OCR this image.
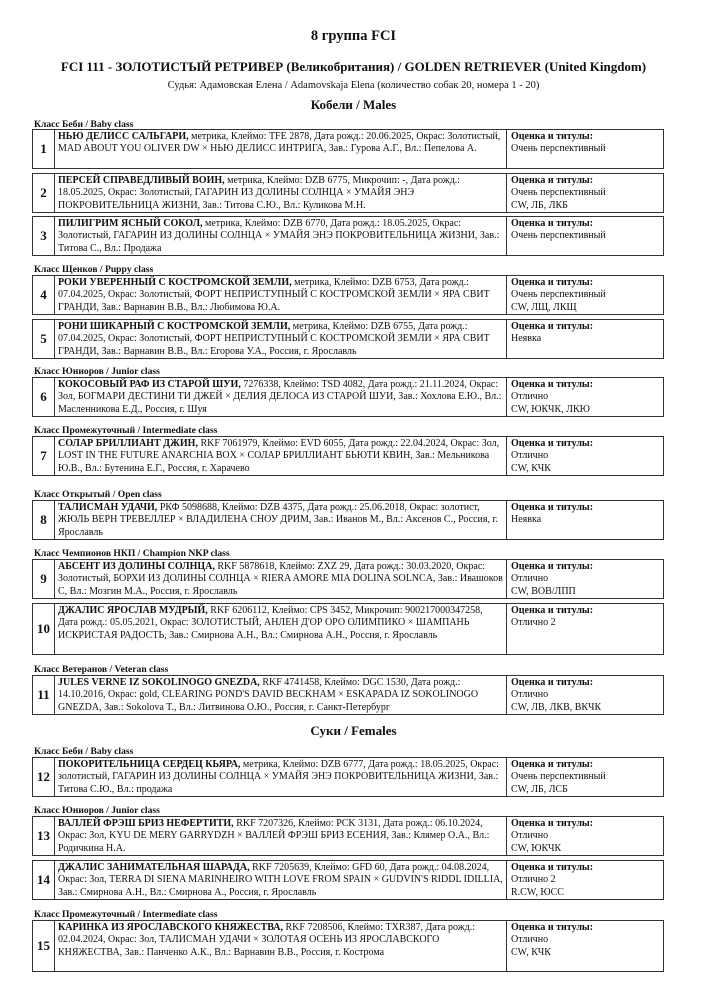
8 группа FCI
FCI 111 - ЗОЛОТИСТЫЙ РЕТРИВЕР (Великобритания) / GOLDEN RETRIEVER (United Kingdom)
Судья: Адамовская Елена / Adamovskaja Elena (количество собак 20, номера 1 - 20)
Кобели / Males
Класс Беби / Baby class
1
НЬЮ ДЕЛИСС САЛЬГАРИ, метрика, Клеймо: TFE 2878, Дата рожд.: 20.06.2025, Окрас: Золотистый, MAD ABOUT YOU OLIVER DW × НЬЮ ДЕЛИСС ИНТРИГА, Зав.: Гурова А.Г., Вл.: Пепелова А.
Оценка и титулы:
Очень перспективный
2
ПЕРСЕЙ СПРАВЕДЛИВЫЙ ВОИН, метрика, Клеймо: DZB 6775, Микрочип: -, Дата рожд.: 18.05.2025, Окрас: Золотистый, ГАГАРИН ИЗ ДОЛИНЫ СОЛНЦА × УМАЙЯ ЭНЭ ПОКРОВИТЕЛЬНИЦА ЖИЗНИ, Зав.: Титова С.Ю., Вл.: Куликова М.Н.
Оценка и титулы:
Очень перспективный
CW, ЛБ, ЛКБ
3
ПИЛИГРИМ ЯСНЫЙ СОКОЛ, метрика, Клеймо: DZB 6770, Дата рожд.: 18.05.2025, Окрас: Золотистый, ГАГАРИН ИЗ ДОЛИНЫ СОЛНЦА × УМАЙЯ ЭНЭ ПОКРОВИТЕЛЬНИЦА ЖИЗНИ, Зав.: Титова С., Вл.: Продажа
Оценка и титулы:
Очень перспективный
Класс Щенков / Puppy class
4
РОКИ УВЕРЕННЫЙ С КОСТРОМСКОЙ ЗЕМЛИ, метрика, Клеймо: DZB 6753, Дата рожд.: 07.04.2025, Окрас: Золотистый, ФОРТ НЕПРИСТУПНЫЙ С КОСТРОМСКОЙ ЗЕМЛИ × ЯРА СВИТ ГРАНДИ, Зав.: Варнавин В.В., Вл.: Любимова Ю.А.
Оценка и титулы:
Очень перспективный
CW, ЛЩ, ЛКЩ
5
РОНИ ШИКАРНЫЙ С КОСТРОМСКОЙ ЗЕМЛИ, метрика, Клеймо: DZB 6755, Дата рожд.: 07.04.2025, Окрас: Золотистый, ФОРТ НЕПРИСТУПНЫЙ С КОСТРОМСКОЙ ЗЕМЛИ × ЯРА СВИТ ГРАНДИ, Зав.: Варнавин В.В., Вл.: Егорова У.А., Россия, г. Ярославль
Оценка и титулы:
Неявка
Класс Юниоров / Junior class
6
КОКОСОВЫЙ РАФ ИЗ СТАРОЙ ШУИ, 7276338, Клеймо: TSD 4082, Дата рожд.: 21.11.2024, Окрас: Зол, БОГМАРИ ДЕСТИНИ ТИ ДЖЕЙ × ДЕЛИЯ ДЕЛОСА ИЗ СТАРОЙ ШУИ, Зав.: Хохлова Е.Ю., Вл.: Масленникова Е.Д., Россия, г. Шуя
Оценка и титулы:
Отлично
CW, ЮКЧК, ЛКЮ
Класс Промежуточный / Intermediate class
7
СОЛАР БРИЛЛИАНТ ДЖИН, RKF 7061979, Клеймо: EVD 6055, Дата рожд.: 22.04.2024, Окрас: Зол, LOST IN THE FUTURE ANARCHIA BOX × СОЛАР БРИЛЛИАНТ БЬЮТИ КВИН, Зав.: Мельникова Ю.В., Вл.: Бутенина Е.Г., Россия, г. Харачево
Оценка и титулы:
Отлично
CW, КЧК
Класс Открытый / Open class
8
ТАЛИСМАН УДАЧИ, РКФ 5098688, Клеймо: DZB 4375, Дата рожд.: 25.06.2018, Окрас: золотист, ЖЮЛЬ ВЕРН ТРЕВЕЛЛЕР × ВЛАДИЛЕНА СНОУ ДРИМ, Зав.: Иванов М., Вл.: Аксенов С., Россия, г. Ярославль
Оценка и титулы:
Неявка
Класс Чемпионов НКП / Champion NKP class
9
АБСЕНТ ИЗ ДОЛИНЫ СОЛНЦА, RKF 5878618, Клеймо: ZXZ 29, Дата рожд.: 30.03.2020, Окрас: Золотистый, БОРХИ ИЗ ДОЛИНЫ СОЛНЦА × RIERA AMORE MIA DOLINA SOLNCA, Зав.: Ивашоков С, Вл.: Мозгин М.А., Россия, г. Ярославль
Оценка и титулы:
Отлично
CW, ВОВ/ЛПП
10
ДЖАЛИС ЯРОСЛАВ МУДРЫЙ, RKF 6206112, Клеймо: CPS 3452, Микрочип: 900217000347258, Дата рожд.: 05.05.2021, Окрас: ЗОЛОТИСТЫЙ, АНЛЕН Д'ОР ОРО ОЛИМПИКО × ШАМПАНЬ ИСКРИСТАЯ РАДОСТЬ, Зав.: Смирнова А.Н., Вл.: Смирнова А.Н., Россия, г. Ярославль
Оценка и титулы:
Отлично 2
Класс Ветеранов / Veteran class
11
JULES VERNE IZ SOKOLINOGO GNEZDA, RKF 4741458, Клеймо: DGC 1530, Дата рожд.: 14.10.2016, Окрас: gold, CLEARING POND'S DAVID BECKHAM × ESKAPADA IZ SOKOLINOGO GNEZDA, Зав.: Sokolova T., Вл.: Литвинова О.Ю., Россия, г. Санкт-Петербург
Оценка и титулы:
Отлично
CW, ЛВ, ЛКВ, ВКЧК
Суки / Females
Класс Беби / Baby class
12
ПОКОРИТЕЛЬНИЦА СЕРДЕЦ КЬЯРА, метрика, Клеймо: DZB 6777, Дата рожд.: 18.05.2025, Окрас: золотистый, ГАГАРИН ИЗ ДОЛИНЫ СОЛНЦА × УМАЙЯ ЭНЭ ПОКРОВИТЕЛЬНИЦА ЖИЗНИ, Зав.: Титова С.Ю., Вл.: продажа
Оценка и титулы:
Очень перспективный
CW, ЛБ, ЛСБ
Класс Юниоров / Junior class
13
ВАЛЛЕЙ ФРЭШ БРИЗ НЕФЕРТИТИ, RKF 7207326, Клеймо: PCK 3131, Дата рожд.: 06.10.2024, Окрас: Зол, KYU DE MERY GARRYDZH × ВАЛЛЕЙ ФРЭШ БРИЗ ЕСЕНИЯ, Зав.: Клямер О.А., Вл.: Родичкина Н.А.
Оценка и титулы:
Отлично
CW, ЮКЧК
14
ДЖАЛИС ЗАНИМАТЕЛЬНАЯ ШАРАДА, RKF 7205639, Клеймо: GFD 60, Дата рожд.: 04.08.2024, Окрас: Зол, TERRA DI SIENA MARINHEIRO WITH LOVE FROM SPAIN × GUDVIN'S RIDDL IDILLIA, Зав.: Смирнова А.Н., Вл.: Смирнова А., Россия, г. Ярославль
Оценка и титулы:
Отлично 2
R.CW, ЮСС
Класс Промежуточный / Intermediate class
15
КАРИНКА ИЗ ЯРОСЛАВСКОГО КНЯЖЕСТВА, RKF 7208506, Клеймо: TXR387, Дата рожд.: 02.04.2024, Окрас: Зол, ТАЛИСМАН УДАЧИ × ЗОЛОТАЯ ОСЕНЬ ИЗ ЯРОСЛАВСКОГО КНЯЖЕСТВА, Зав.: Панченко А.К., Вл.: Варнавин В.В., Россия, г. Кострома
Оценка и титулы:
Отлично
CW, КЧК
